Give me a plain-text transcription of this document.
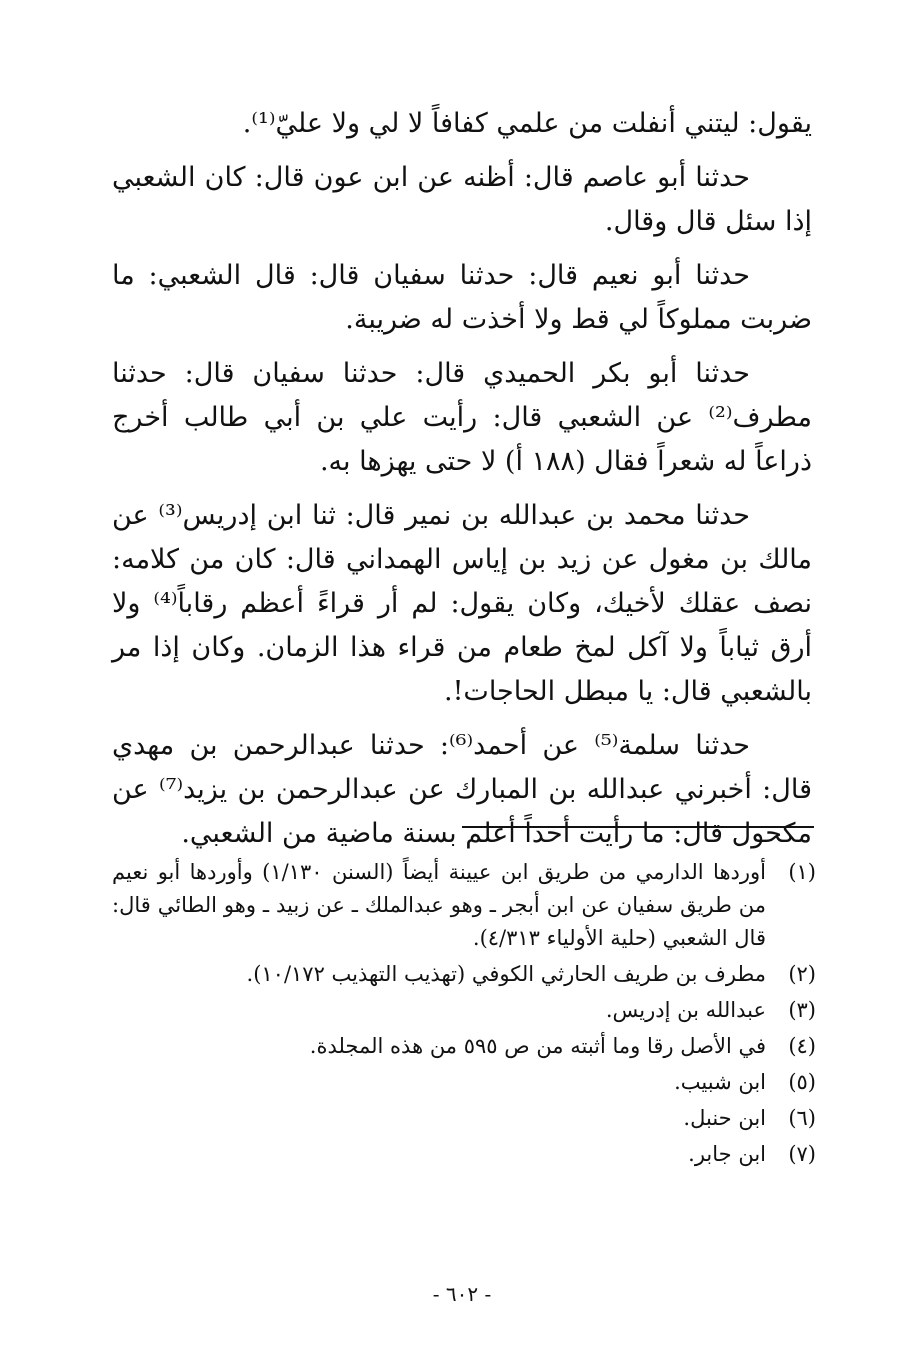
يقول: ليتني أنفلت من علمي كفافاً لا لي ولا عليّ⁽¹⁾.

حدثنا أبو عاصم قال: أظنه عن ابن عون قال: كان الشعبي إذا سئل قال وقال.

حدثنا أبو نعيم قال: حدثنا سفيان قال: قال الشعبي: ما ضربت مملوكاً لي قط ولا أخذت له ضريبة.

حدثنا أبو بكر الحميدي قال: حدثنا سفيان قال: حدثنا مطرف⁽²⁾ عن الشعبي قال: رأيت علي بن أبي طالب أخرج ذراعاً له شعراً فقال (١٨٨ أ) لا حتى يهزها به.

حدثنا محمد بن عبدالله بن نمير قال: ثنا ابن إدريس⁽³⁾ عن مالك بن مغول عن زيد بن إياس الهمداني قال: كان من كلامه: نصف عقلك لأخيك، وكان يقول: لم أر قراءً أعظم رقاباً⁽⁴⁾ ولا أرق ثياباً ولا آكل لمخ طعام من قراء هذا الزمان. وكان إذا مر بالشعبي قال: يا مبطل الحاجات!.

حدثنا سلمة⁽⁵⁾ عن أحمد⁽⁶⁾: حدثنا عبدالرحمن بن مهدي قال: أخبرني عبدالله بن المبارك عن عبدالرحمن بن يزيد⁽⁷⁾ عن مكحول قال: ما رأيت أحداً أعلم بسنة ماضية من الشعبي.

(١)
أوردها الدارمي من طريق ابن عيينة أيضاً (السنن ١/١٣٠) وأوردها أبو نعيم من طريق سفيان عن ابن أبجر ـ وهو عبدالملك ـ عن زبيد ـ وهو الطائي قال: قال الشعبي (حلية الأولياء ٤/٣١٣).
(٢)
مطرف بن طريف الحارثي الكوفي (تهذيب التهذيب ١٠/١٧٢).
(٣)
عبدالله بن إدريس.
(٤)
في الأصل رقا وما أثبته من ص ٥٩٥ من هذه المجلدة.
(٥)
ابن شبيب.
(٦)
ابن حنبل.
(٧)
ابن جابر.
- ٦٠٢ -
